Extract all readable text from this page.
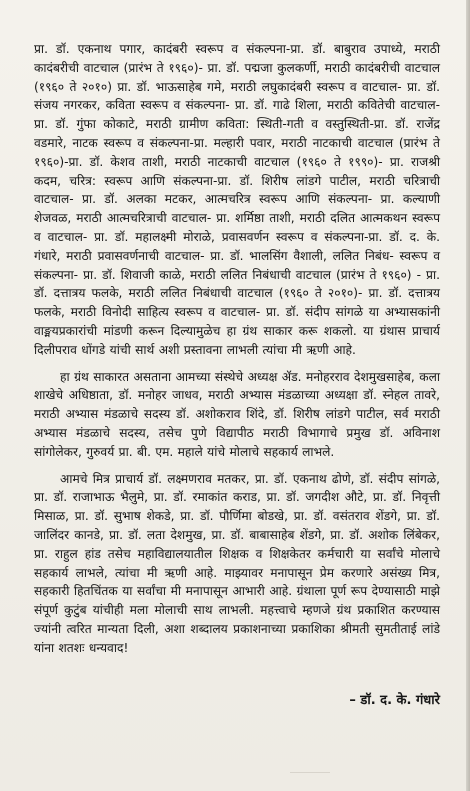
प्रा. डॉ. एकनाथ पगार, कादंबरी स्वरूप व संकल्पना-प्रा. डॉ. बाबुराव उपाध्ये, मराठी कादंबरीची वाटचाल (प्रारंभ ते १९६०)- प्रा. डॉ. पद्मजा कुलकर्णी, मराठी कादंबरीची वाटचाल (१९६० ते २०१०) प्रा. डॉ. भाऊसाहेब गमे, मराठी लघुकादंबरी स्वरूप व वाटचाल- प्रा. डॉ. संजय नगरकर, कविता स्वरूप व संकल्पना- प्रा. डॉ. गाढे शिला, मराठी कवितेची वाटचाल- प्रा. डॉ. गुंफा कोकाटे, मराठी ग्रामीण कविता: स्थिती-गती व वस्तुस्थिती-प्रा. डॉ. राजेंद्र वडमारे, नाटक स्वरूप व संकल्पना-प्रा. मल्हारी पवार, मराठी नाटकाची वाटचाल (प्रारंभ ते १९६०)-प्रा. डॉ. केशव ताशी, मराठी नाटकाची वाटचाल (१९६० ते १९९०)- प्रा. राजश्री कदम, चरित्र: स्वरूप आणि संकल्पना-प्रा. डॉ. शिरीष लांडगे पाटील, मराठी चरित्राची वाटचाल- प्रा. डॉ. अलका मटकर, आत्मचरित्र स्वरूप आणि संकल्पना- प्रा. कल्याणी शेजवळ, मराठी आत्मचरित्राची वाटचाल- प्रा. शर्मिष्ठा ताशी, मराठी दलित आत्मकथन स्वरूप व वाटचाल- प्रा. डॉ. महालक्ष्मी मोराळे, प्रवासवर्णन स्वरूप व संकल्पना-प्रा. डॉ. द. के. गंधारे, मराठी प्रवासवर्णनाची वाटचाल- प्रा. डॉ. भालसिंग वैशाली, ललित निबंध- स्वरूप व संकल्पना- प्रा. डॉ. शिवाजी काळे, मराठी ललित निबंधाची वाटचाल (प्रारंभ ते १९६०) - प्रा. डॉ. दत्तात्रय फलके, मराठी ललित निबंधाची वाटचाल (१९६० ते २०१०)- प्रा. डॉ. दत्तात्रय फलके, मराठी विनोदी साहित्य स्वरूप व वाटचाल- प्रा. डॉ. संदीप सांगळे या अभ्यासकांनी वाङ्मयप्रकारांची मांडणी करून दिल्यामुळेच हा ग्रंथ साकार करू शकलो. या ग्रंथास प्राचार्य दिलीपराव धोंगडे यांची सार्थ अशी प्रस्तावना लाभली त्यांचा मी ऋणी आहे.

हा ग्रंथ साकारत असताना आमच्या संस्थेचे अध्यक्ष ॲड. मनोहरराव देशमुखसाहेब, कला शाखेचे अधिष्ठाता, डॉ. मनोहर जाधव, मराठी अभ्यास मंडळाच्या अध्यक्षा डॉ. स्नेहल तावरे, मराठी अभ्यास मंडळाचे सदस्य डॉ. अशोकराव शिंदे, डॉ. शिरीष लांडगे पाटील, सर्व मराठी अभ्यास मंडळाचे सदस्य, तसेच पुणे विद्यापीठ मराठी विभागाचे प्रमुख डॉ. अविनाश सांगोलेकर, गुरुवर्य प्रा. बी. एम. महाले यांचे मोलाचे सहकार्य लाभले.

आमचे मित्र प्राचार्य डॉ. लक्ष्मणराव मतकर, प्रा. डॉ. एकनाथ ढोणे, डॉ. संदीप सांगळे, प्रा. डॉ. राजाभाऊ भैलुमे, प्रा. डॉ. रमाकांत कराड, प्रा. डॉ. जगदीश औटे, प्रा. डॉ. निवृत्ती मिसाळ, प्रा. डॉ. सुभाष शेकडे, प्रा. डॉ. पौर्णिमा बोडखे, प्रा. डॉ. वसंतराव शेंडगे, प्रा. डॉ. जालिंदर कानडे, प्रा. डॉ. लता देशमुख, प्रा. डॉ. बाबासाहेब शेंडगे, प्रा. डॉ. अशोक लिंबेकर, प्रा. राहुल हांड तसेच महाविद्यालयातील शिक्षक व शिक्षकेतर कर्मचारी या सर्वांचे मोलाचे सहकार्य लाभले, त्यांचा मी ऋणी आहे. माझ्यावर मनापासून प्रेम करणारे असंख्य मित्र, सहकारी हितचिंतक या सर्वांचा मी मनापासून आभारी आहे. ग्रंथाला पूर्ण रूप देण्यासाठी माझे संपूर्ण कुटुंब यांचीही मला मोलाची साथ लाभली. महत्त्वाचे म्हणजे ग्रंथ प्रकाशित करण्यास ज्यांनी त्वरित मान्यता दिली, अशा शब्दालय प्रकाशनाच्या प्रकाशिका श्रीमती सुमतीताई लांडे यांना शतशः धन्यवाद!

– डॉ. द. के. गंधारे
